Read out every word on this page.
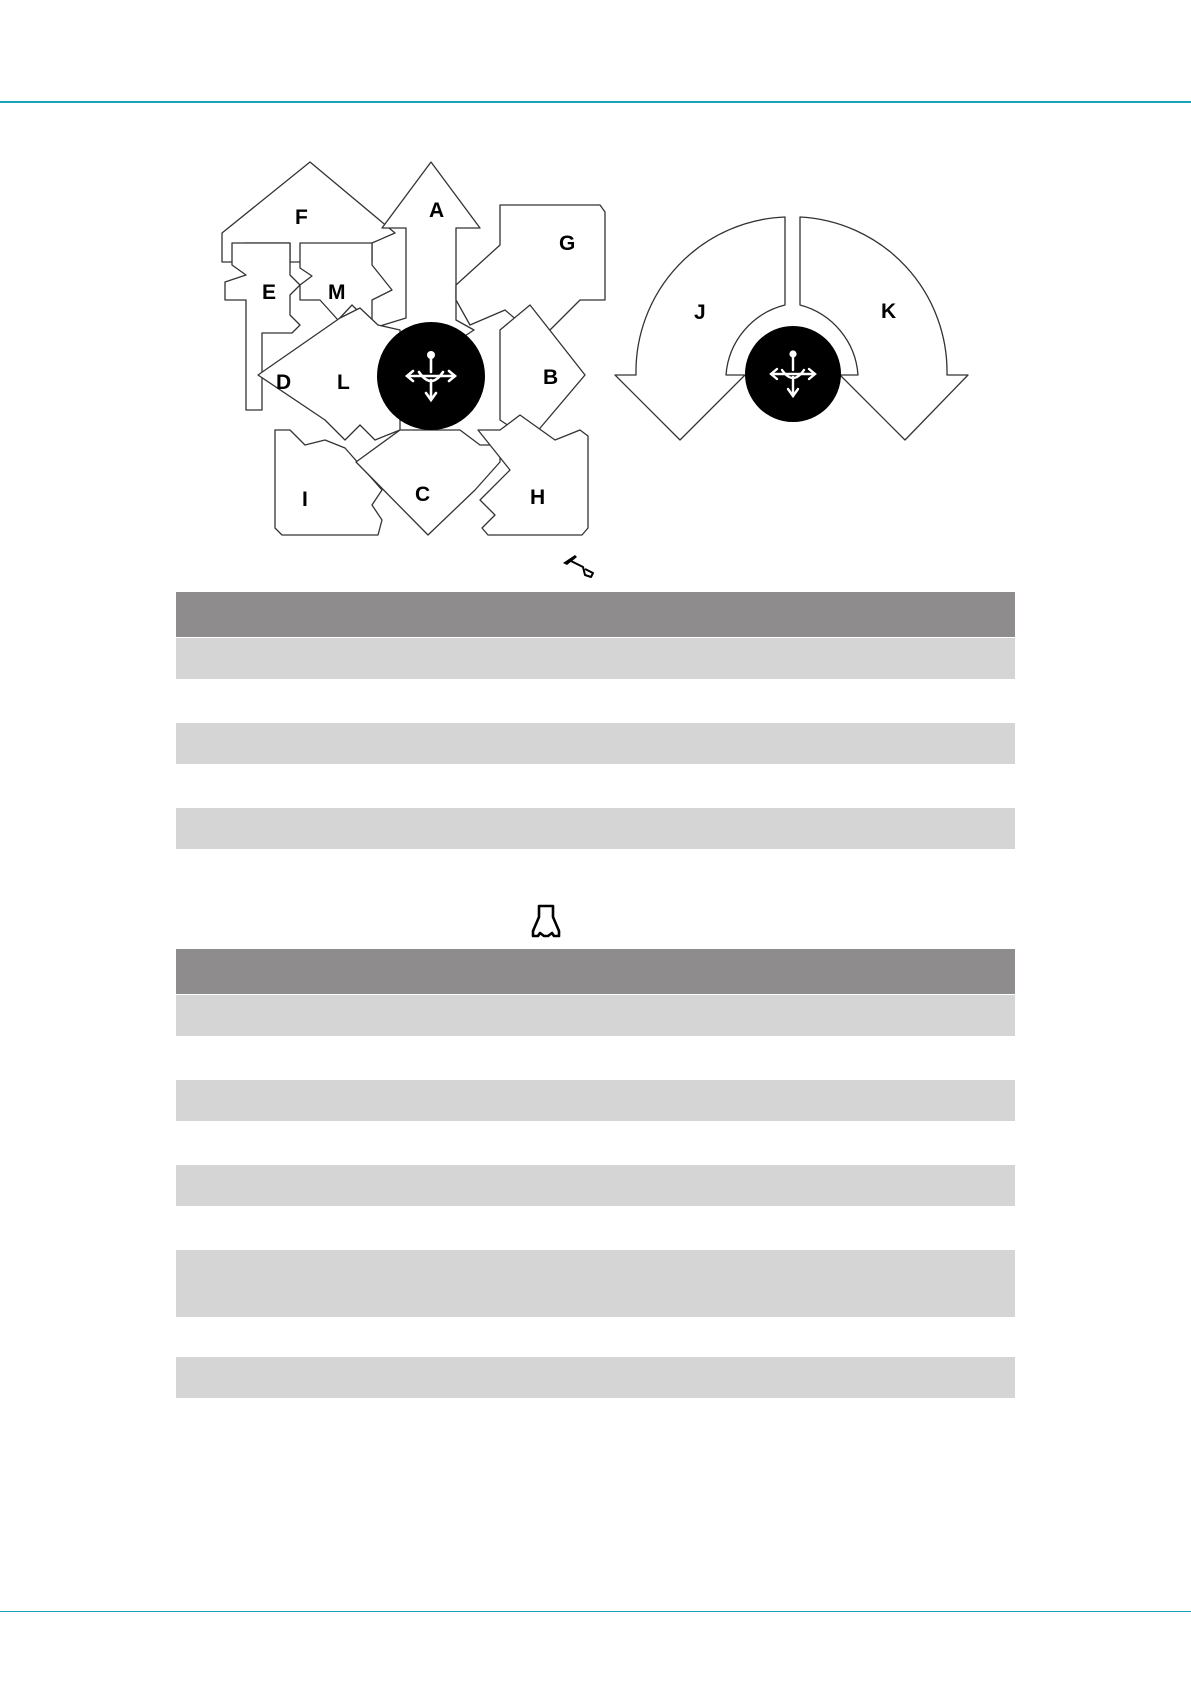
A
B
C
D
E
F
G
H
I
J	K
L
M
